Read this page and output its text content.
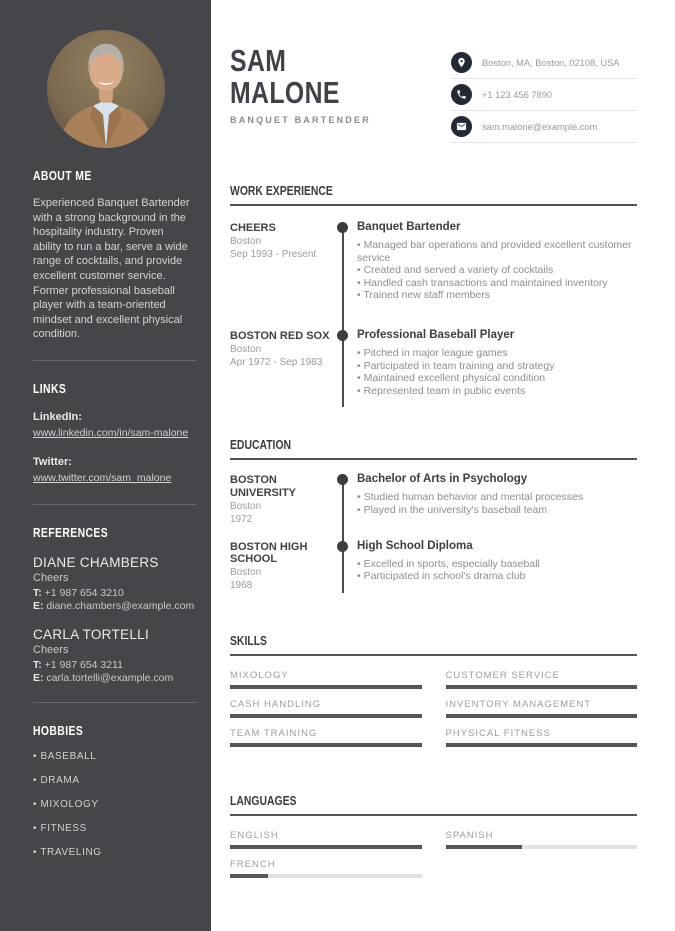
ABOUT ME

Experienced Banquet Bartender with a strong background in the hospitality industry. Proven ability to run a bar, serve a wide range of cocktails, and provide excellent customer service. Former professional baseball player with a team-oriented mindset and excellent physical condition.

LINKS
LinkedIn:
www.linkedin.com/in/sam-malone
Twitter:
www.twitter.com/sam_malone
REFERENCES
DIANE CHAMBERS
Cheers
T: +1 987 654 3210
E: diane.chambers@example.com
CARLA TORTELLI
Cheers
T: +1 987 654 3211
E: carla.tortelli@example.com
HOBBIES
• BASEBALL
• DRAMA
• MIXOLOGY
• FITNESS
• TRAVELING
SAM MALONE
BANQUET BARTENDER
Boston, MA, Boston, 02108, USA
+1 123 456 7890
sam.malone@example.com
WORK EXPERIENCE
CHEERS
Boston
Sep 1993 - Present
Banquet Bartender
• Managed bar operations and provided excellent customer service
• Created and served a variety of cocktails
• Handled cash transactions and maintained inventory
• Trained new staff members
BOSTON RED SOX
Boston
Apr 1972 - Sep 1983
Professional Baseball Player
• Pitched in major league games
• Participated in team training and strategy
• Maintained excellent physical condition
• Represented team in public events
EDUCATION
BOSTON UNIVERSITY
Boston
1972
Bachelor of Arts in Psychology
• Studied human behavior and mental processes
• Played in the university's baseball team
BOSTON HIGH SCHOOL
Boston
1968
High School Diploma
• Excelled in sports, especially baseball
• Participated in school's drama club
SKILLS
MIXOLOGY	CUSTOMER SERVICE
CASH HANDLING	INVENTORY MANAGEMENT
TEAM TRAINING	PHYSICAL FITNESS
LANGUAGES
ENGLISH	SPANISH
FRENCH
